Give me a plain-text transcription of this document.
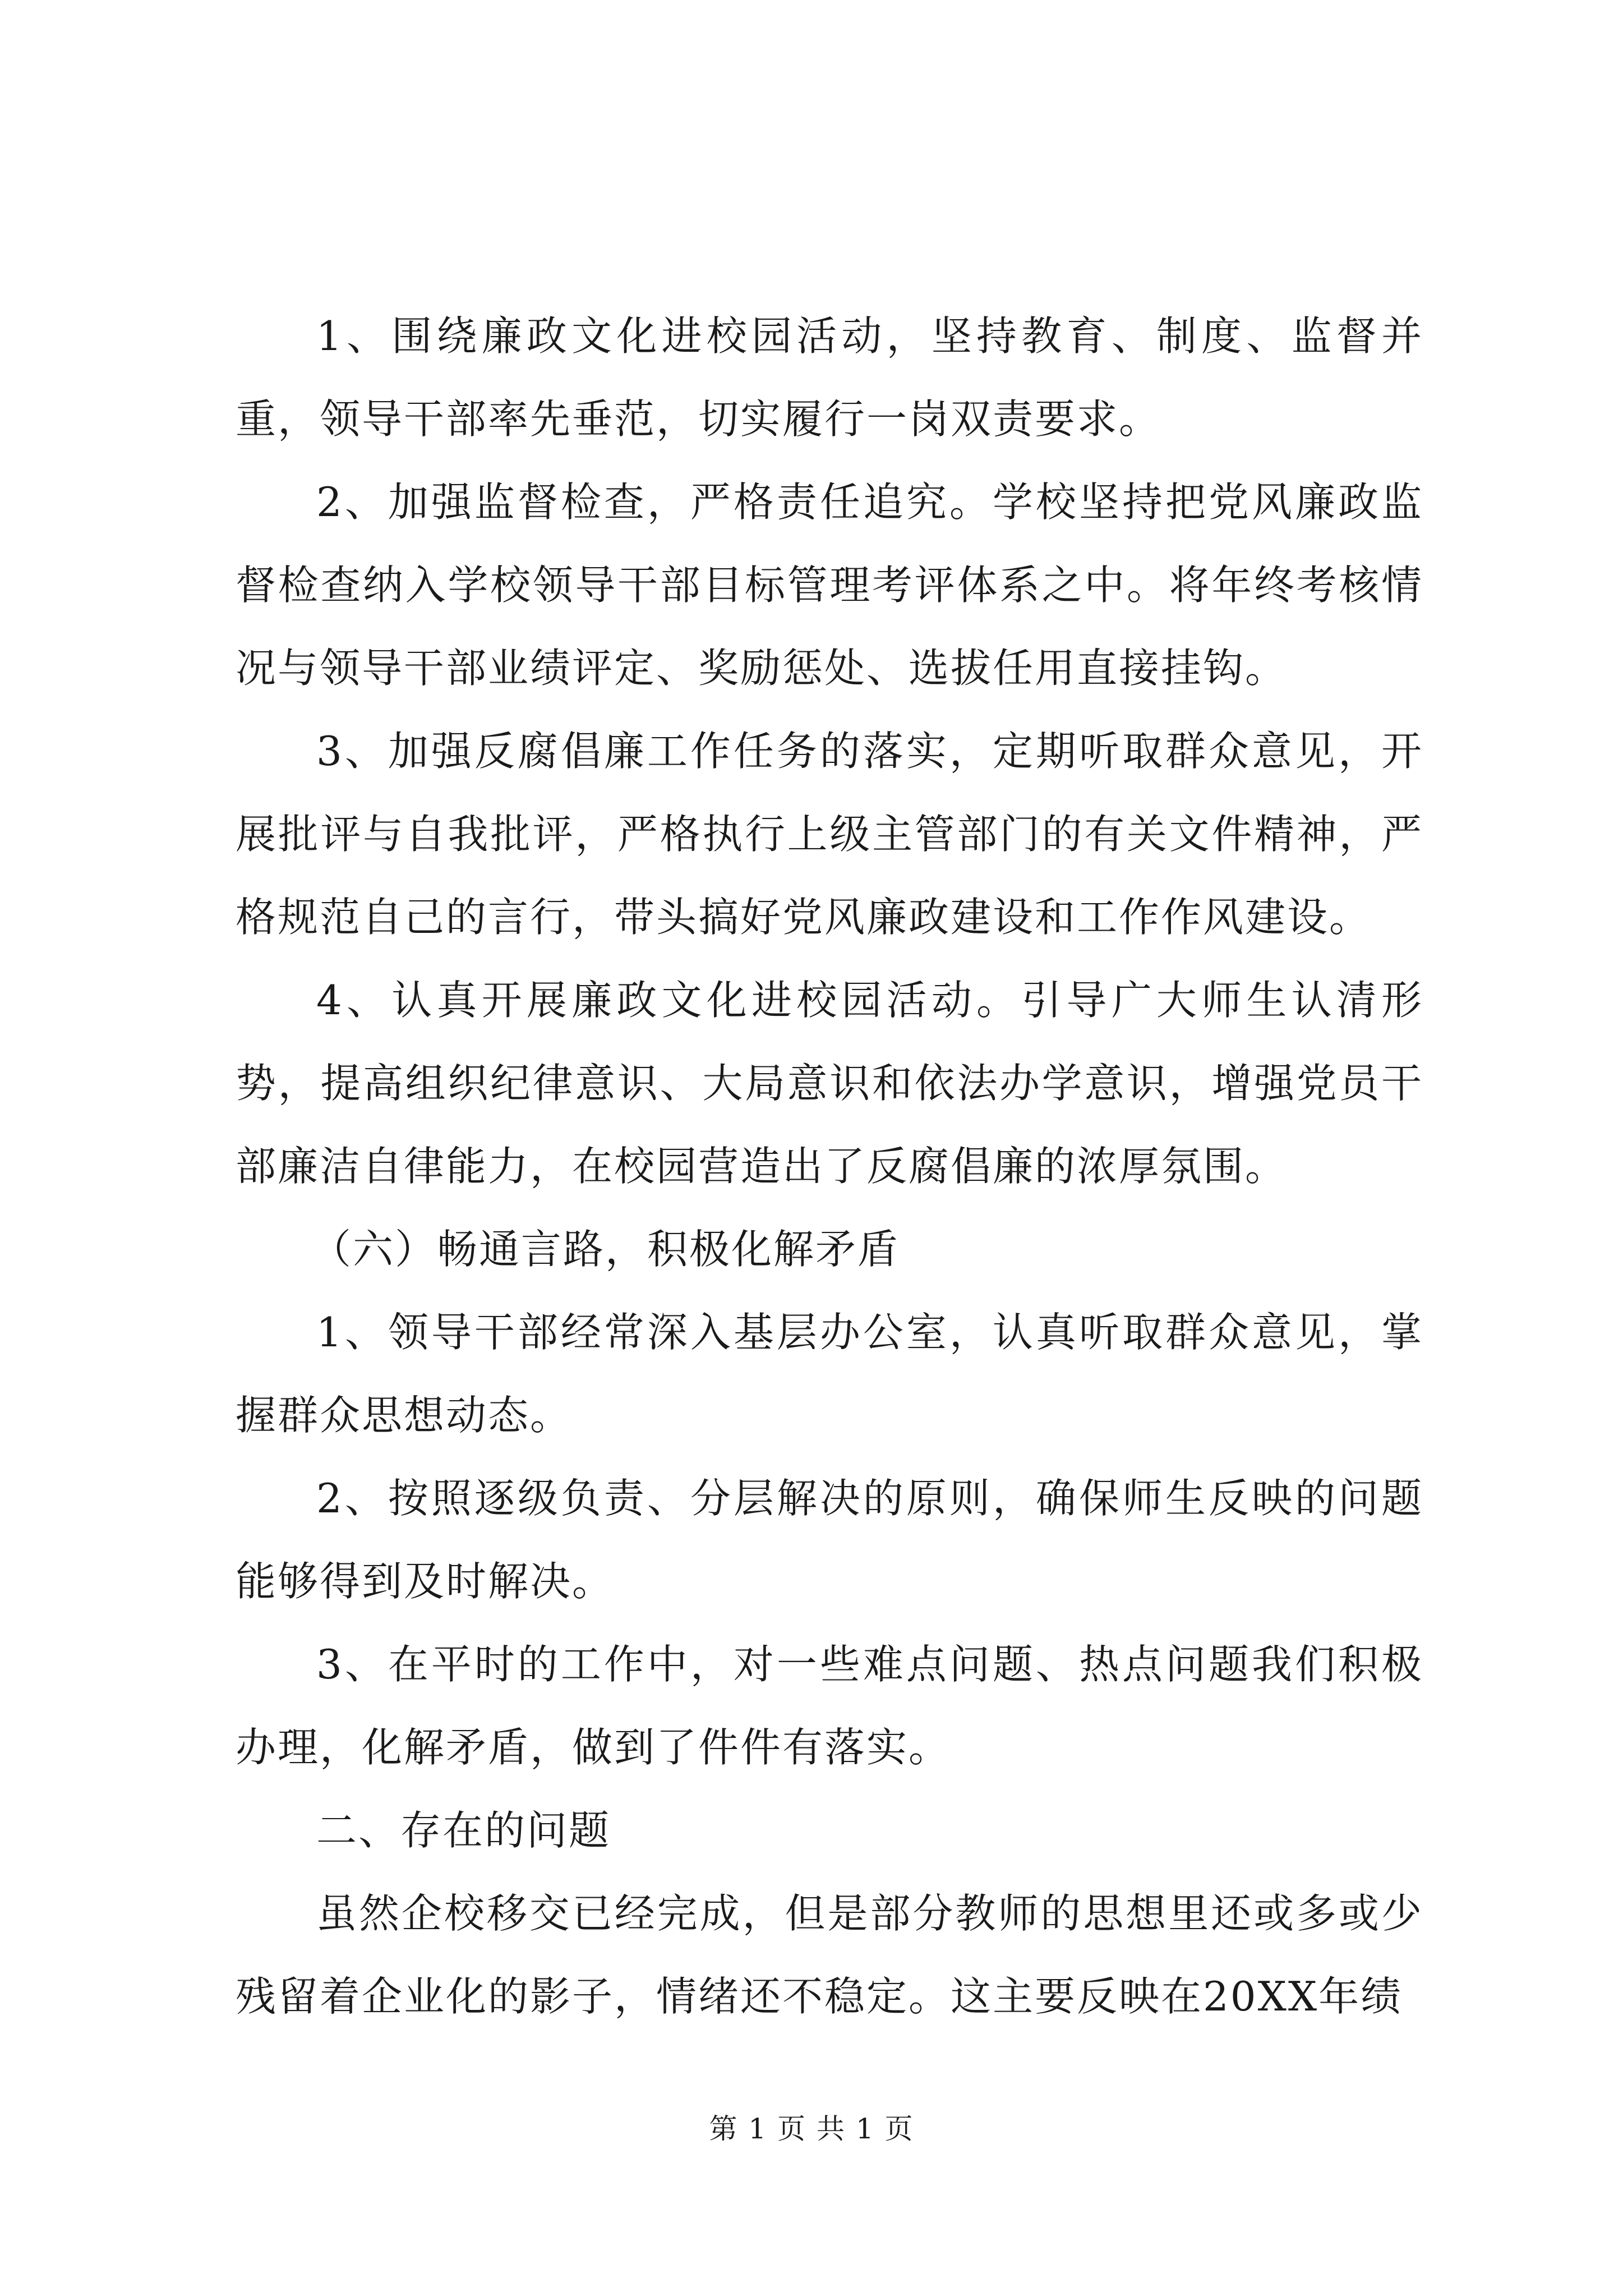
1、围绕廉政文化进校园活动，坚持教育、制度、监督并重，领导干部率先垂范，切实履行一岗双责要求。

2、加强监督检查，严格责任追究。学校坚持把党风廉政监督检查纳入学校领导干部目标管理考评体系之中。将年终考核情况与领导干部业绩评定、奖励惩处、选拔任用直接挂钩。

3、加强反腐倡廉工作任务的落实，定期听取群众意见，开展批评与自我批评，严格执行上级主管部门的有关文件精神，严格规范自己的言行，带头搞好党风廉政建设和工作作风建设。

4、认真开展廉政文化进校园活动。引导广大师生认清形势，提高组织纪律意识、大局意识和依法办学意识，增强党员干部廉洁自律能力，在校园营造出了反腐倡廉的浓厚氛围。

（六）畅通言路，积极化解矛盾

1、领导干部经常深入基层办公室，认真听取群众意见，掌握群众思想动态。

2、按照逐级负责、分层解决的原则，确保师生反映的问题能够得到及时解决。

3、在平时的工作中，对一些难点问题、热点问题我们积极办理，化解矛盾，做到了件件有落实。

二、存在的问题

虽然企校移交已经完成，但是部分教师的思想里还或多或少残留着企业化的影子，情绪还不稳定。这主要反映在20XX年绩

第 1 页 共 1 页
